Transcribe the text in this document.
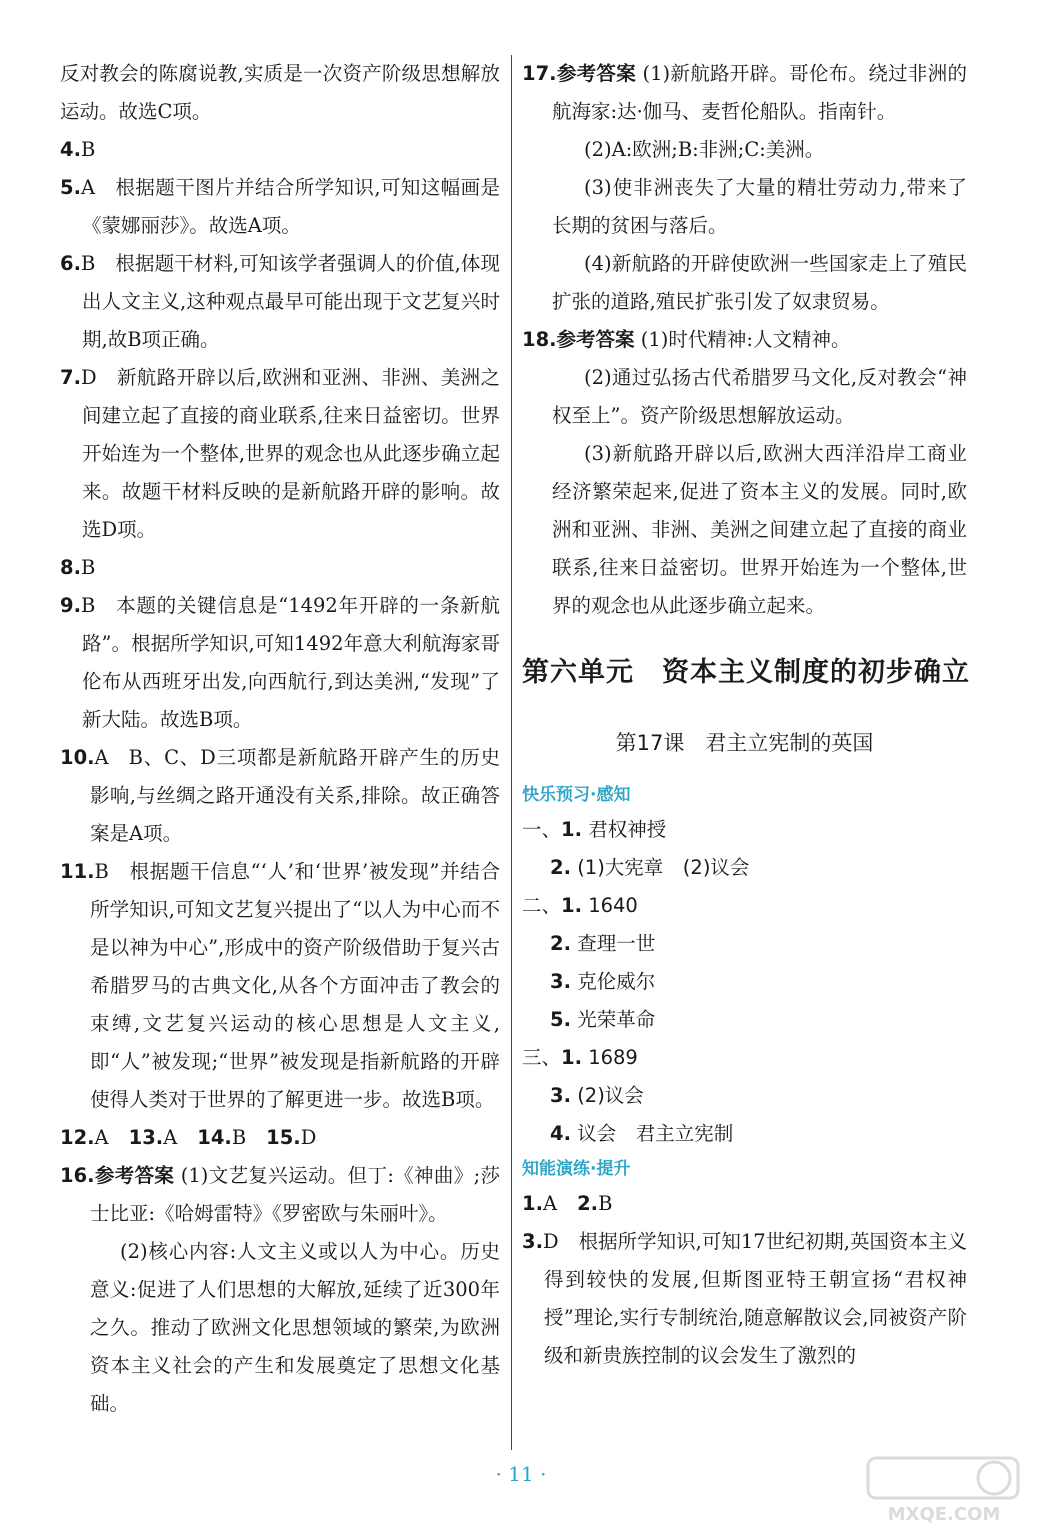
反对教会的陈腐说教,实质是一次资产阶级思想解放运动。故选C项。

4.B

5.A 根据题干图片并结合所学知识,可知这幅画是《蒙娜丽莎》。故选A项。

6.B 根据题干材料,可知该学者强调人的价值,体现出人文主义,这种观点最早可能出现于文艺复兴时期,故B项正确。

7.D 新航路开辟以后,欧洲和亚洲、非洲、美洲之间建立起了直接的商业联系,往来日益密切。世界开始连为一个整体,世界的观念也从此逐步确立起来。故题干材料反映的是新航路开辟的影响。故选D项。

8.B

9.B 本题的关键信息是“1492年开辟的一条新航路”。根据所学知识,可知1492年意大利航海家哥伦布从西班牙出发,向西航行,到达美洲,“发现”了新大陆。故选B项。

10.A B、C、D三项都是新航路开辟产生的历史影响,与丝绸之路开通没有关系,排除。故正确答案是A项。

11.B 根据题干信息“‘人’和‘世界’被发现”并结合所学知识,可知文艺复兴提出了“以人为中心而不是以神为中心”,形成中的资产阶级借助于复兴古希腊罗马的古典文化,从各个方面冲击了教会的束缚,文艺复兴运动的核心思想是人文主义,即“人”被发现;“世界”被发现是指新航路的开辟使得人类对于世界的了解更进一步。故选B项。

12.A 13.A 14.B 15.D

16.参考答案 (1)文艺复兴运动。但丁:《神曲》;莎士比亚:《哈姆雷特》《罗密欧与朱丽叶》。

(2)核心内容:人文主义或以人为中心。历史意义:促进了人们思想的大解放,延续了近300年之久。推动了欧洲文化思想领域的繁荣,为欧洲资本主义社会的产生和发展奠定了思想文化基础。

17.参考答案 (1)新航路开辟。哥伦布。绕过非洲的航海家:达·伽马、麦哲伦船队。指南针。

(2)A:欧洲;B:非洲;C:美洲。

(3)使非洲丧失了大量的精壮劳动力,带来了长期的贫困与落后。

(4)新航路的开辟使欧洲一些国家走上了殖民扩张的道路,殖民扩张引发了奴隶贸易。

18.参考答案 (1)时代精神:人文精神。

(2)通过弘扬古代希腊罗马文化,反对教会“神权至上”。资产阶级思想解放运动。

(3)新航路开辟以后,欧洲大西洋沿岸工商业经济繁荣起来,促进了资本主义的发展。同时,欧洲和亚洲、非洲、美洲之间建立起了直接的商业联系,往来日益密切。世界开始连为一个整体,世界的观念也从此逐步确立起来。

第六单元　资本主义制度的初步确立
第17课　君主立宪制的英国
快乐预习·感知

一、1. 君权神授

2. (1)大宪章　(2)议会

二、1. 1640

2. 查理一世

3. 克伦威尔

5. 光荣革命

三、1. 1689

3. (2)议会

4. 议会　君主立宪制

知能演练·提升

1.A 2.B

3.D 根据所学知识,可知17世纪初期,英国资本主义得到较快的发展,但斯图亚特王朝宣扬“君权神授”理论,实行专制统治,随意解散议会,同被资产阶级和新贵族控制的议会发生了激烈的

· 11 ·
MXQE.COM
